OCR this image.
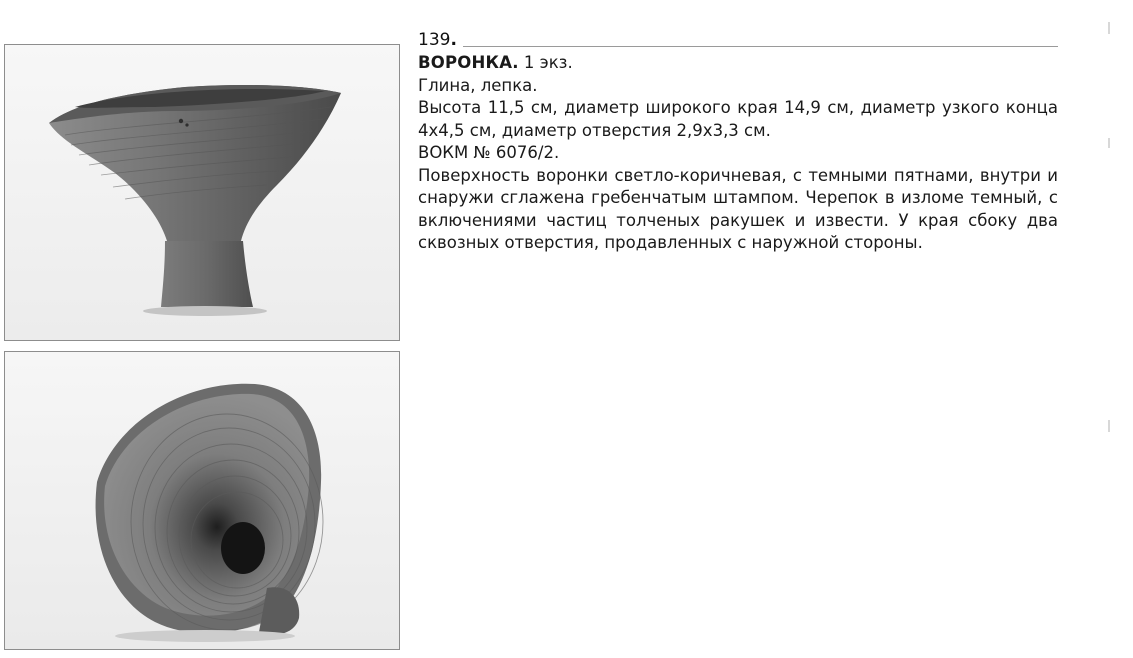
139 .

ВОРОНКА. 1 экз.

Глина, лепка.

Высота 11,5 см, диаметр широкого края 14,9 см, диаметр узкого конца 4х4,5 см, диаметр отверстия 2,9х3,3 см.

ВОКМ № 6076/2.

Поверхность воронки светло-коричневая, с темными пятнами, внутри и снаружи сглажена гребенчатым штампом. Черепок в изломе темный, с включениями частиц толченых ракушек и извести. У края сбоку два сквозных отверстия, продавленных с наружной стороны.
